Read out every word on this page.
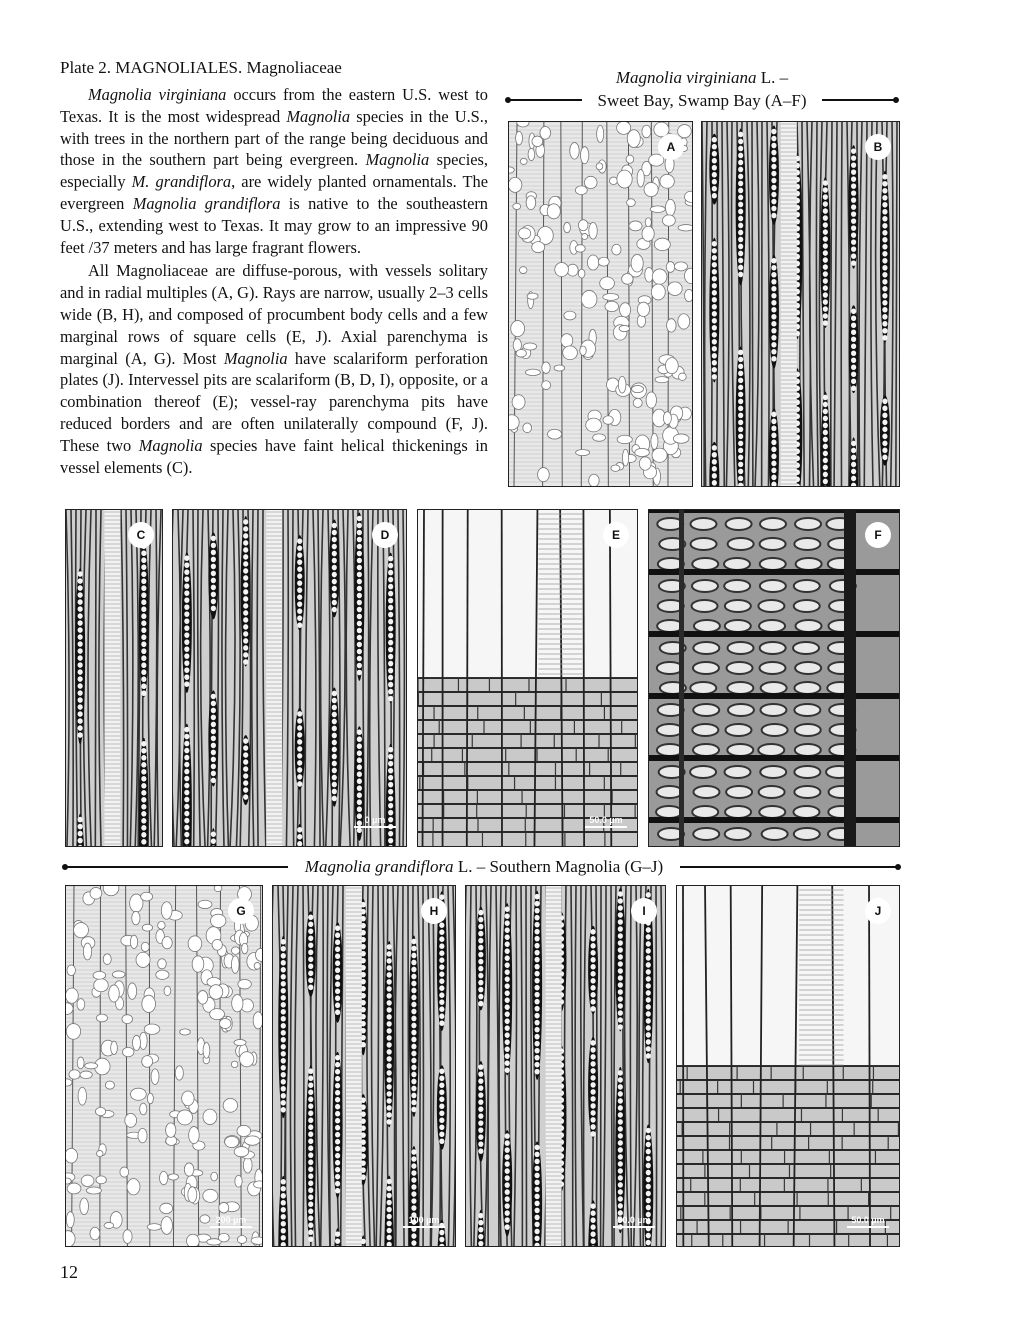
Plate 2. MAGNOLIALES. Magnoliaceae

Magnolia virginiana occurs from the eastern U.S. west to Texas. It is the most widespread Magnolia species in the U.S., with trees in the northern part of the range being deciduous and those in the southern part being evergreen. Magnolia species, especially M. grandiflora, are widely planted ornamentals. The evergreen Magnolia grandiflora is native to the southeastern U.S., extending west to Texas. It may grow to an impressive 90 feet /37 meters and has large fragrant flowers.

All Magnoliaceae are diffuse-porous, with vessels solitary and in radial multiples (A, G). Rays are narrow, usually 2–3 cells wide (B, H), and composed of procumbent body cells and a few marginal rows of square cells (E, J). Axial parenchyma is marginal (A, G). Most Magnolia have scalariform perforation plates (J). Intervessel pits are scalariform (B, D, I), opposite, or a combination thereof (E); vessel-ray parenchyma pits have reduced borders and are often unilaterally compound (F, J). These two Magnolia species have faint helical thickenings in vessel elements (C).

Magnolia virginiana L. –
Sweet Bay, Swamp Bay (A–F)
A	B
C	D
0 µm
E
50.0 µm
F
Magnolia grandiflora L. – Southern Magnolia (G–J)
G
200 µm
H
100 µm
I
50.0 µm
J
50.0 µm
12
